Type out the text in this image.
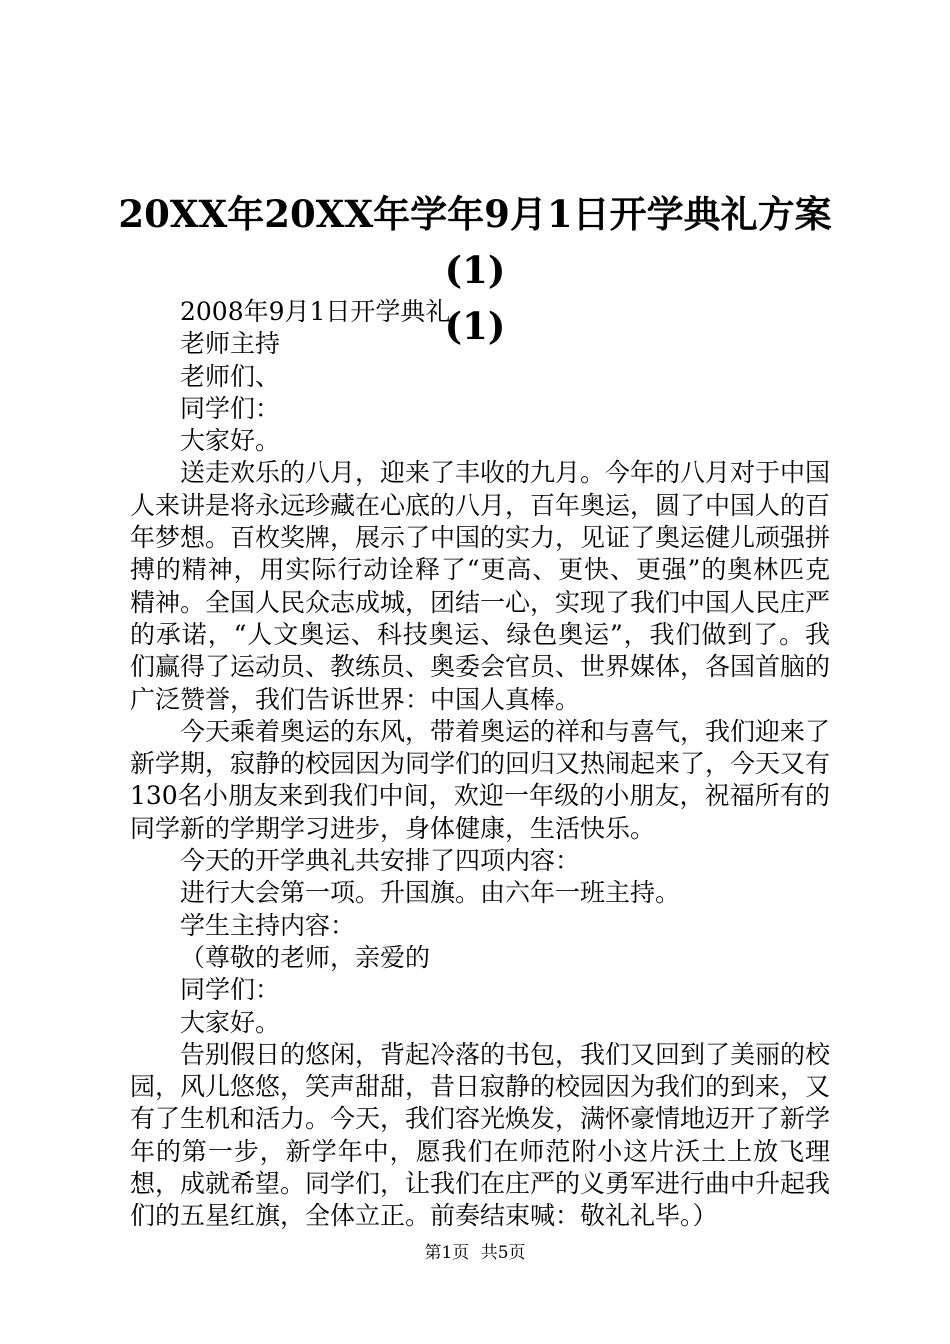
20XX年20XX年学年9月1日开学典礼方案(1)
(1)

2008年9月1日开学典礼

老师主持

老师们、

同学们：

大家好。

送走欢乐的八月，迎来了丰收的九月。今年的八月对于中国人来讲是将永远珍藏在心底的八月，百年奥运，圆了中国人的百年梦想。百枚奖牌，展示了中国的实力，见证了奥运健儿顽强拼搏的精神，用实际行动诠释了“更高、更快、更强”的奥林匹克精神。全国人民众志成城，团结一心，实现了我们中国人民庄严的承诺，“人文奥运、科技奥运、绿色奥运”，我们做到了。我们赢得了运动员、教练员、奥委会官员、世界媒体，各国首脑的广泛赞誉，我们告诉世界：中国人真棒。

今天乘着奥运的东风，带着奥运的祥和与喜气，我们迎来了新学期，寂静的校园因为同学们的回归又热闹起来了，今天又有130名小朋友来到我们中间，欢迎一年级的小朋友，祝福所有的同学新的学期学习进步，身体健康，生活快乐。

今天的开学典礼共安排了四项内容：

进行大会第一项。升国旗。由六年一班主持。

学生主持内容：

（尊敬的老师，亲爱的

同学们：

大家好。

告别假日的悠闲，背起冷落的书包，我们又回到了美丽的校园，风儿悠悠，笑声甜甜，昔日寂静的校园因为我们的到来，又有了生机和活力。今天，我们容光焕发，满怀豪情地迈开了新学年的第一步，新学年中，愿我们在师范附小这片沃土上放飞理想，成就希望。同学们，让我们在庄严的义勇军进行曲中升起我们的五星红旗，全体立正。前奏结束喊：敬礼礼毕。）

第1页 共5页
